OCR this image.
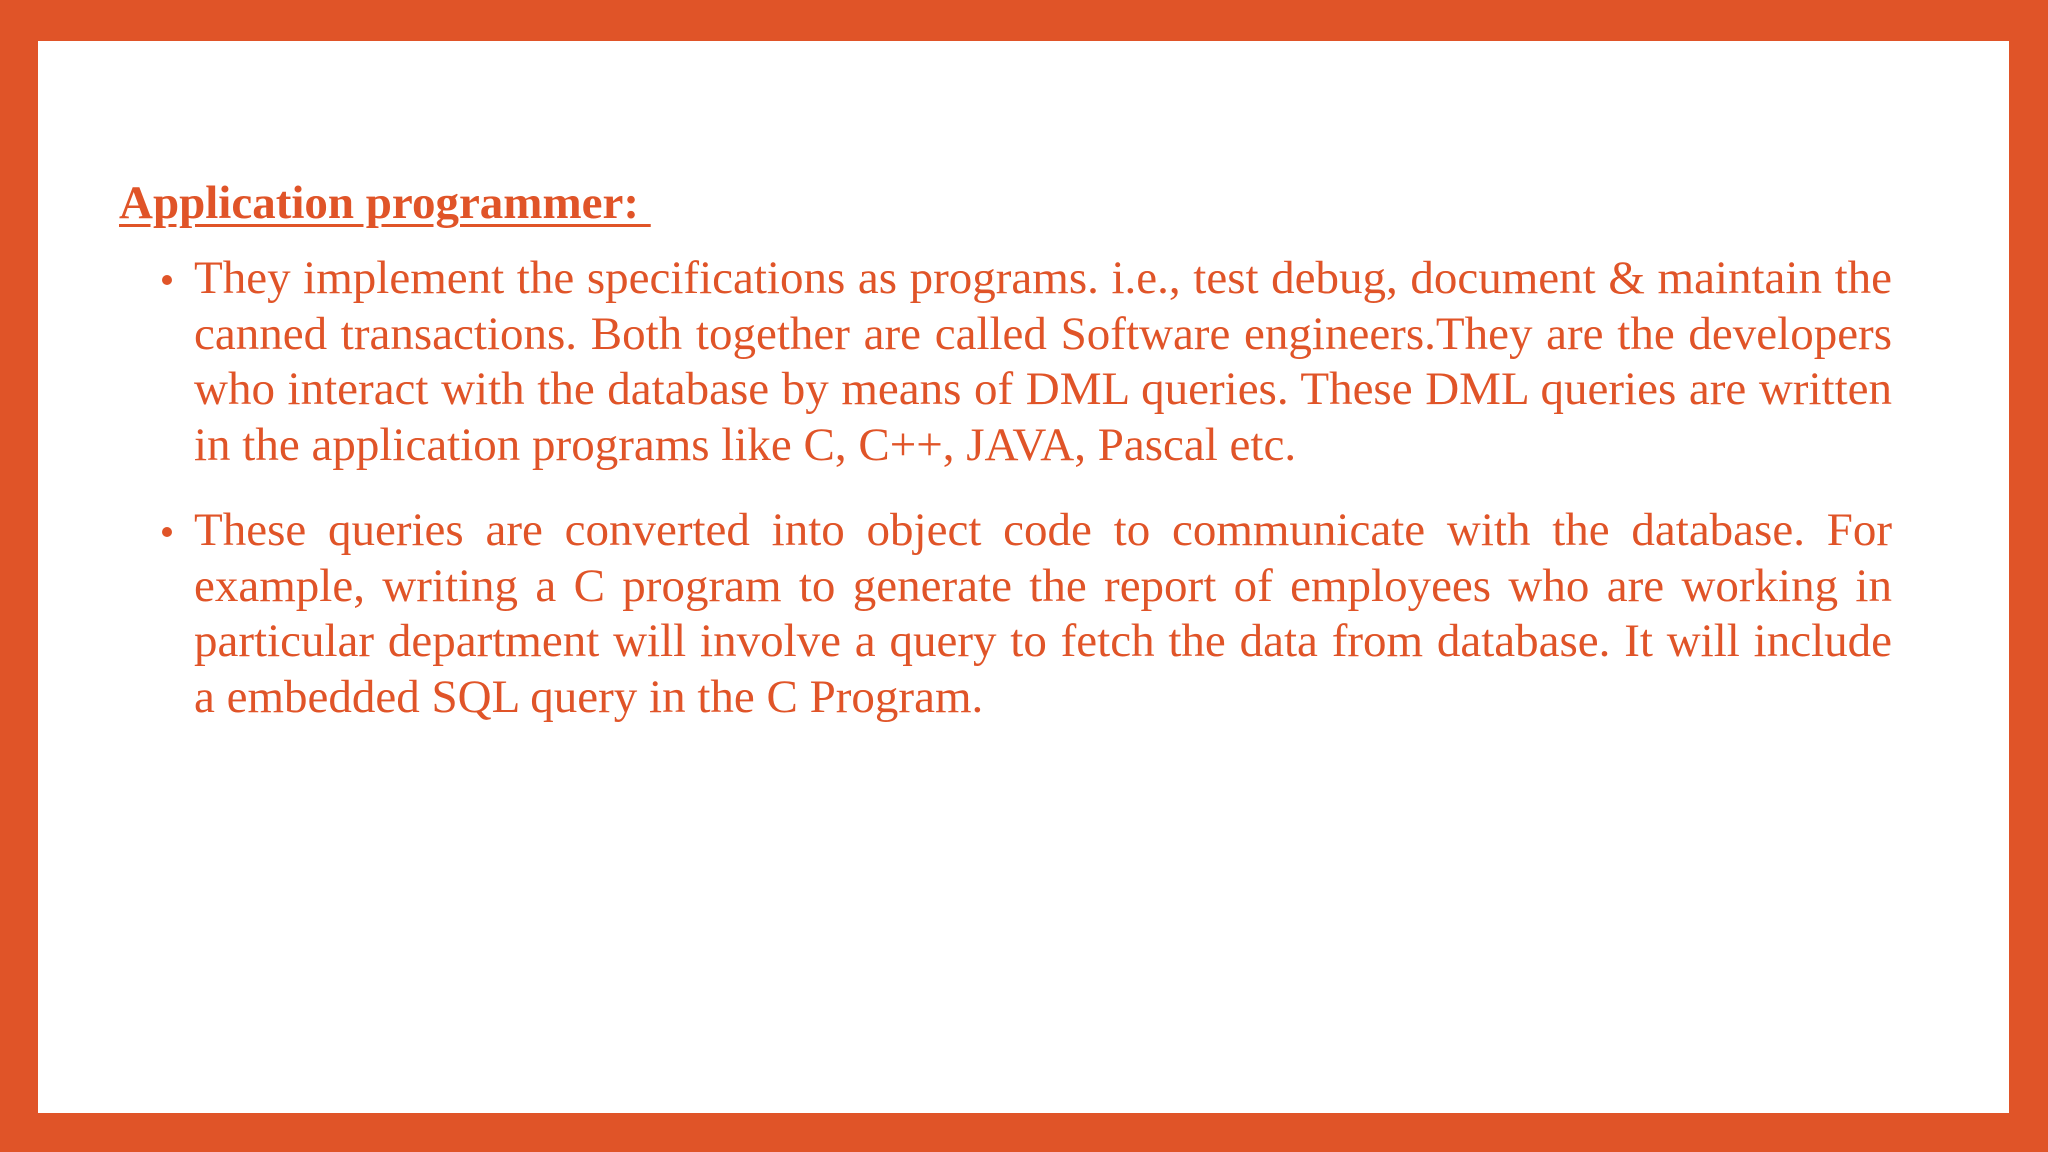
Application programmer:
They implement the specifications as programs. i.e., test debug, document & maintain the canned transactions. Both together are called Software engineers.They are the developers who interact with the database by means of DML queries. These DML queries are written in the application programs like C, C++, JAVA, Pascal etc.
These queries are converted into object code to communicate with the database. For example, writing a C program to generate the report of employees who are working in particular department will involve a query to fetch the data from database. It will include a embedded SQL query in the C Program.
